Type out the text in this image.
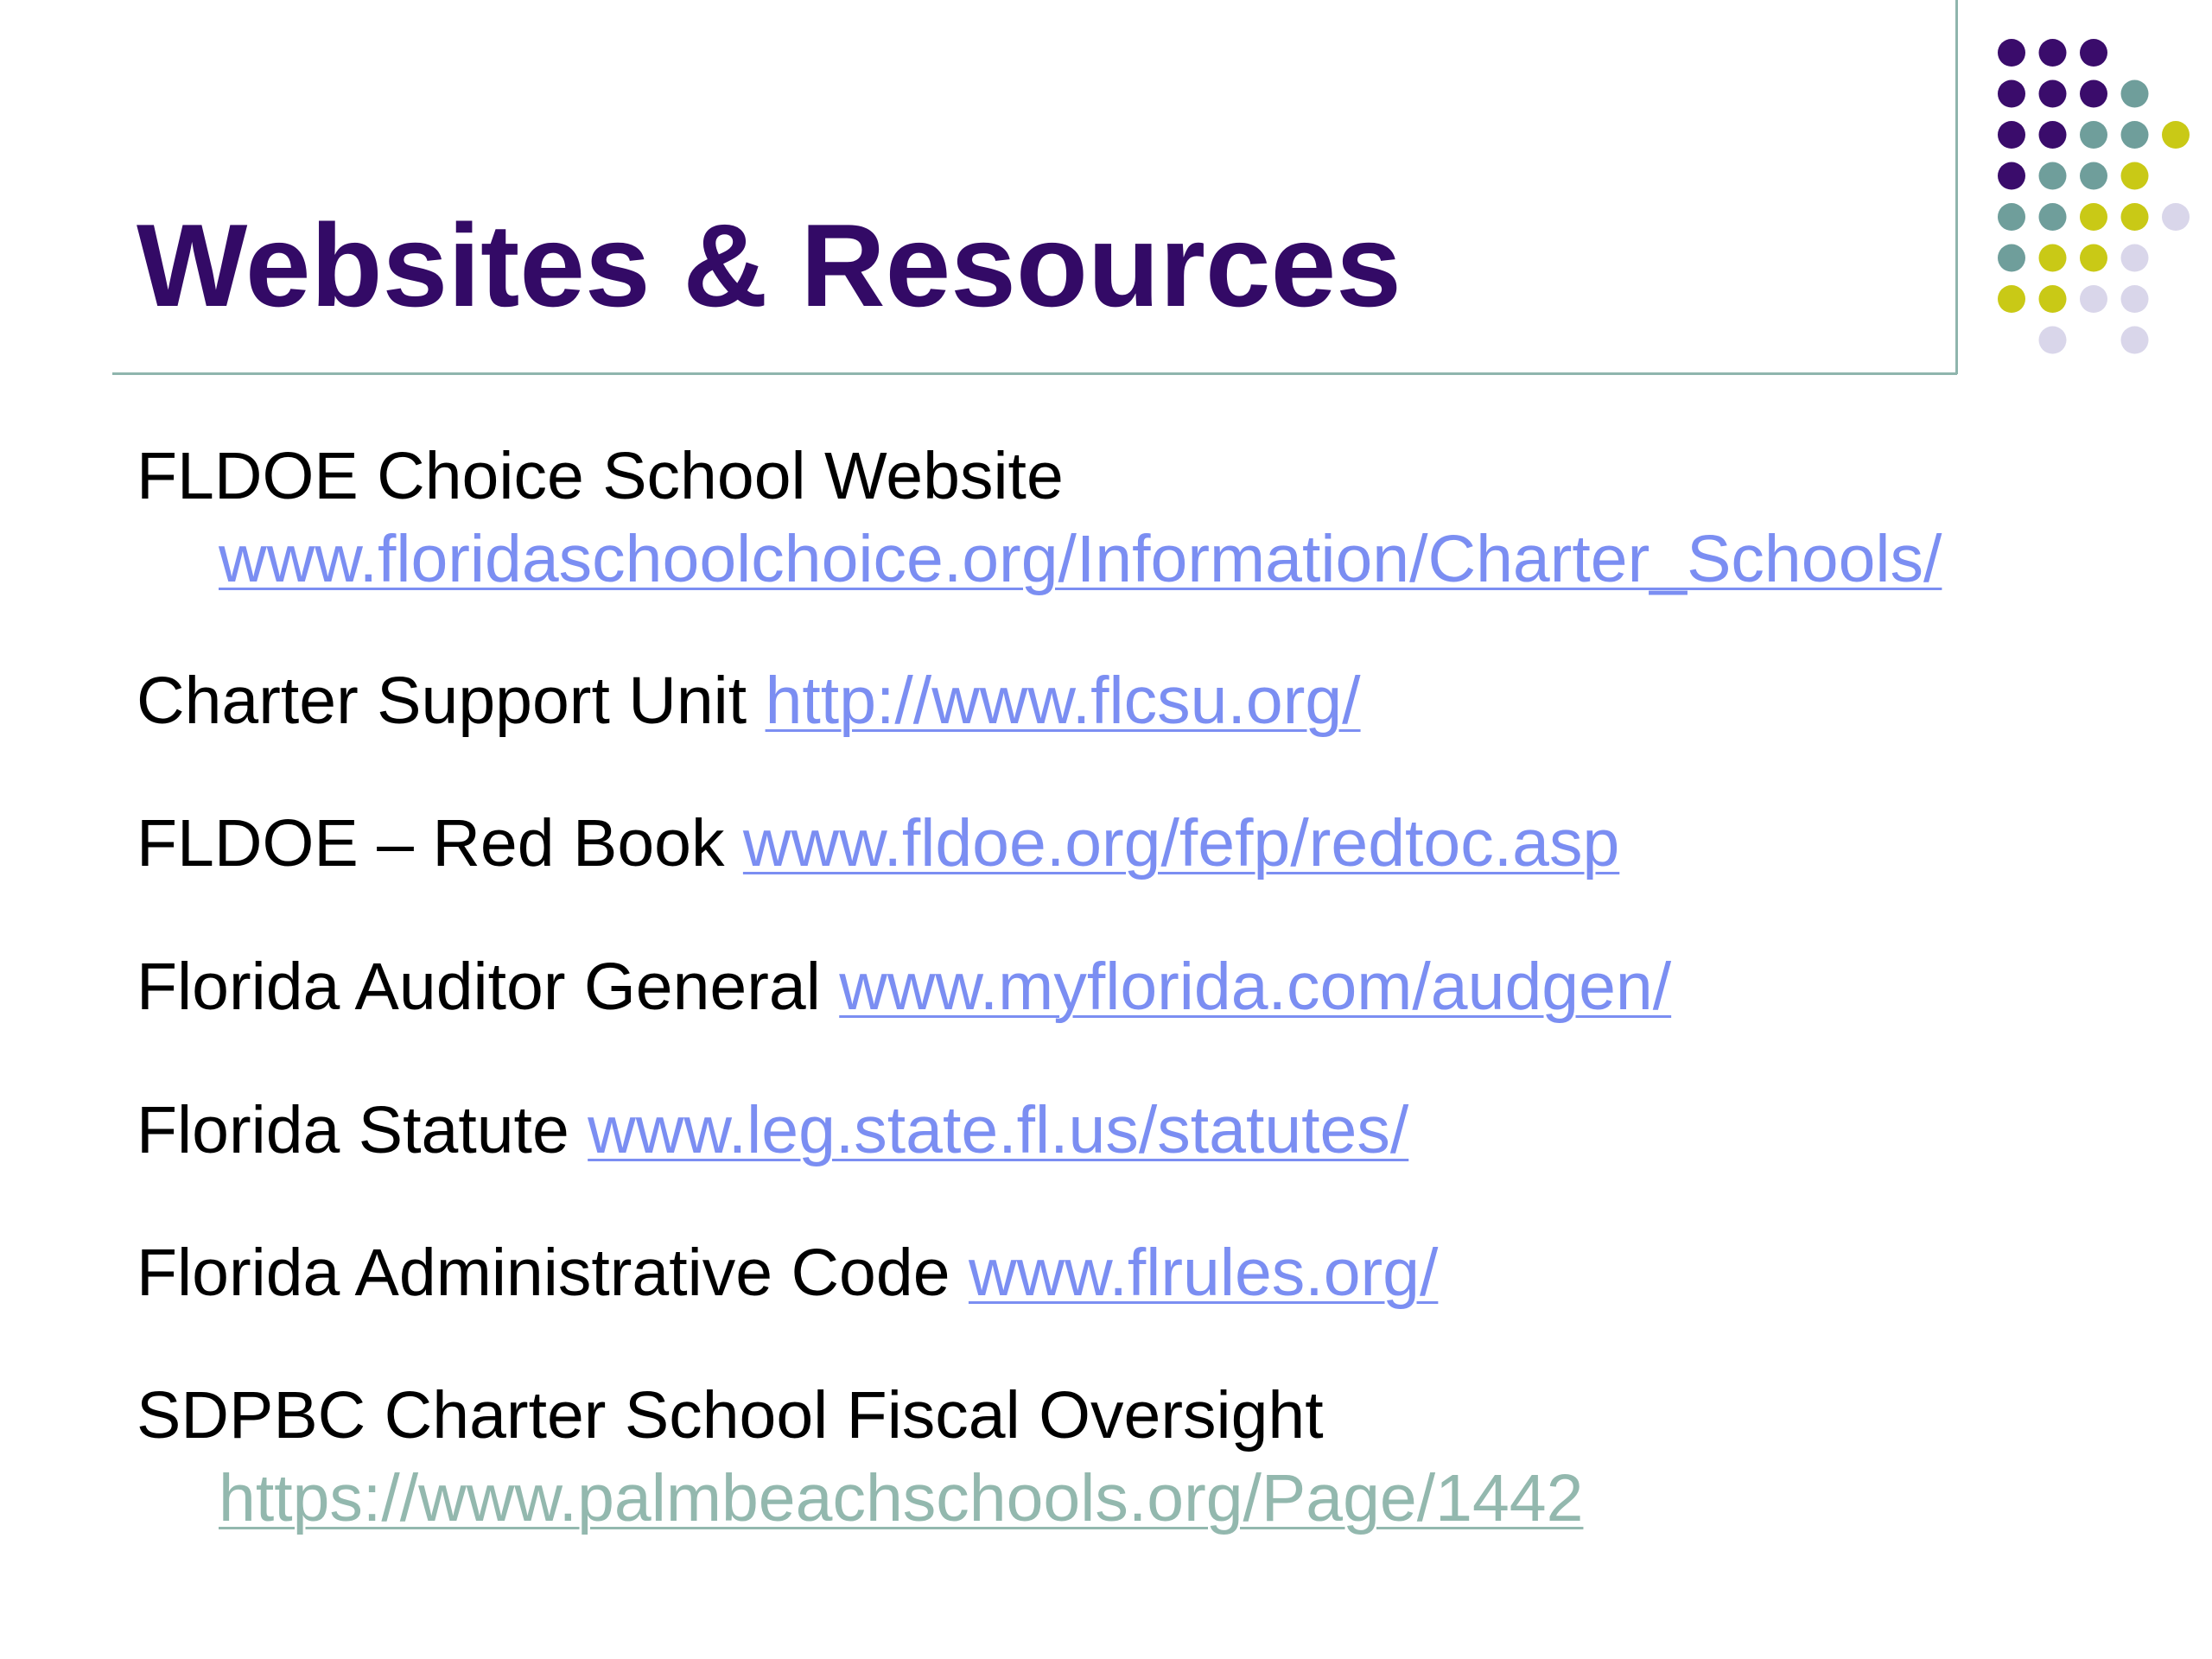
Websites & Resources
FLDOE Choice School Website
www.floridaschoolchoice.org/Information/Charter_Schools/
Charter Support Unit http://www.flcsu.org/
FLDOE – Red Book www.fldoe.org/fefp/redtoc.asp
Florida Auditor General www.myflorida.com/audgen/
Florida Statute www.leg.state.fl.us/statutes/
Florida Administrative Code www.flrules.org/
SDPBC Charter School Fiscal Oversight
https://www.palmbeachschools.org/Page/1442
